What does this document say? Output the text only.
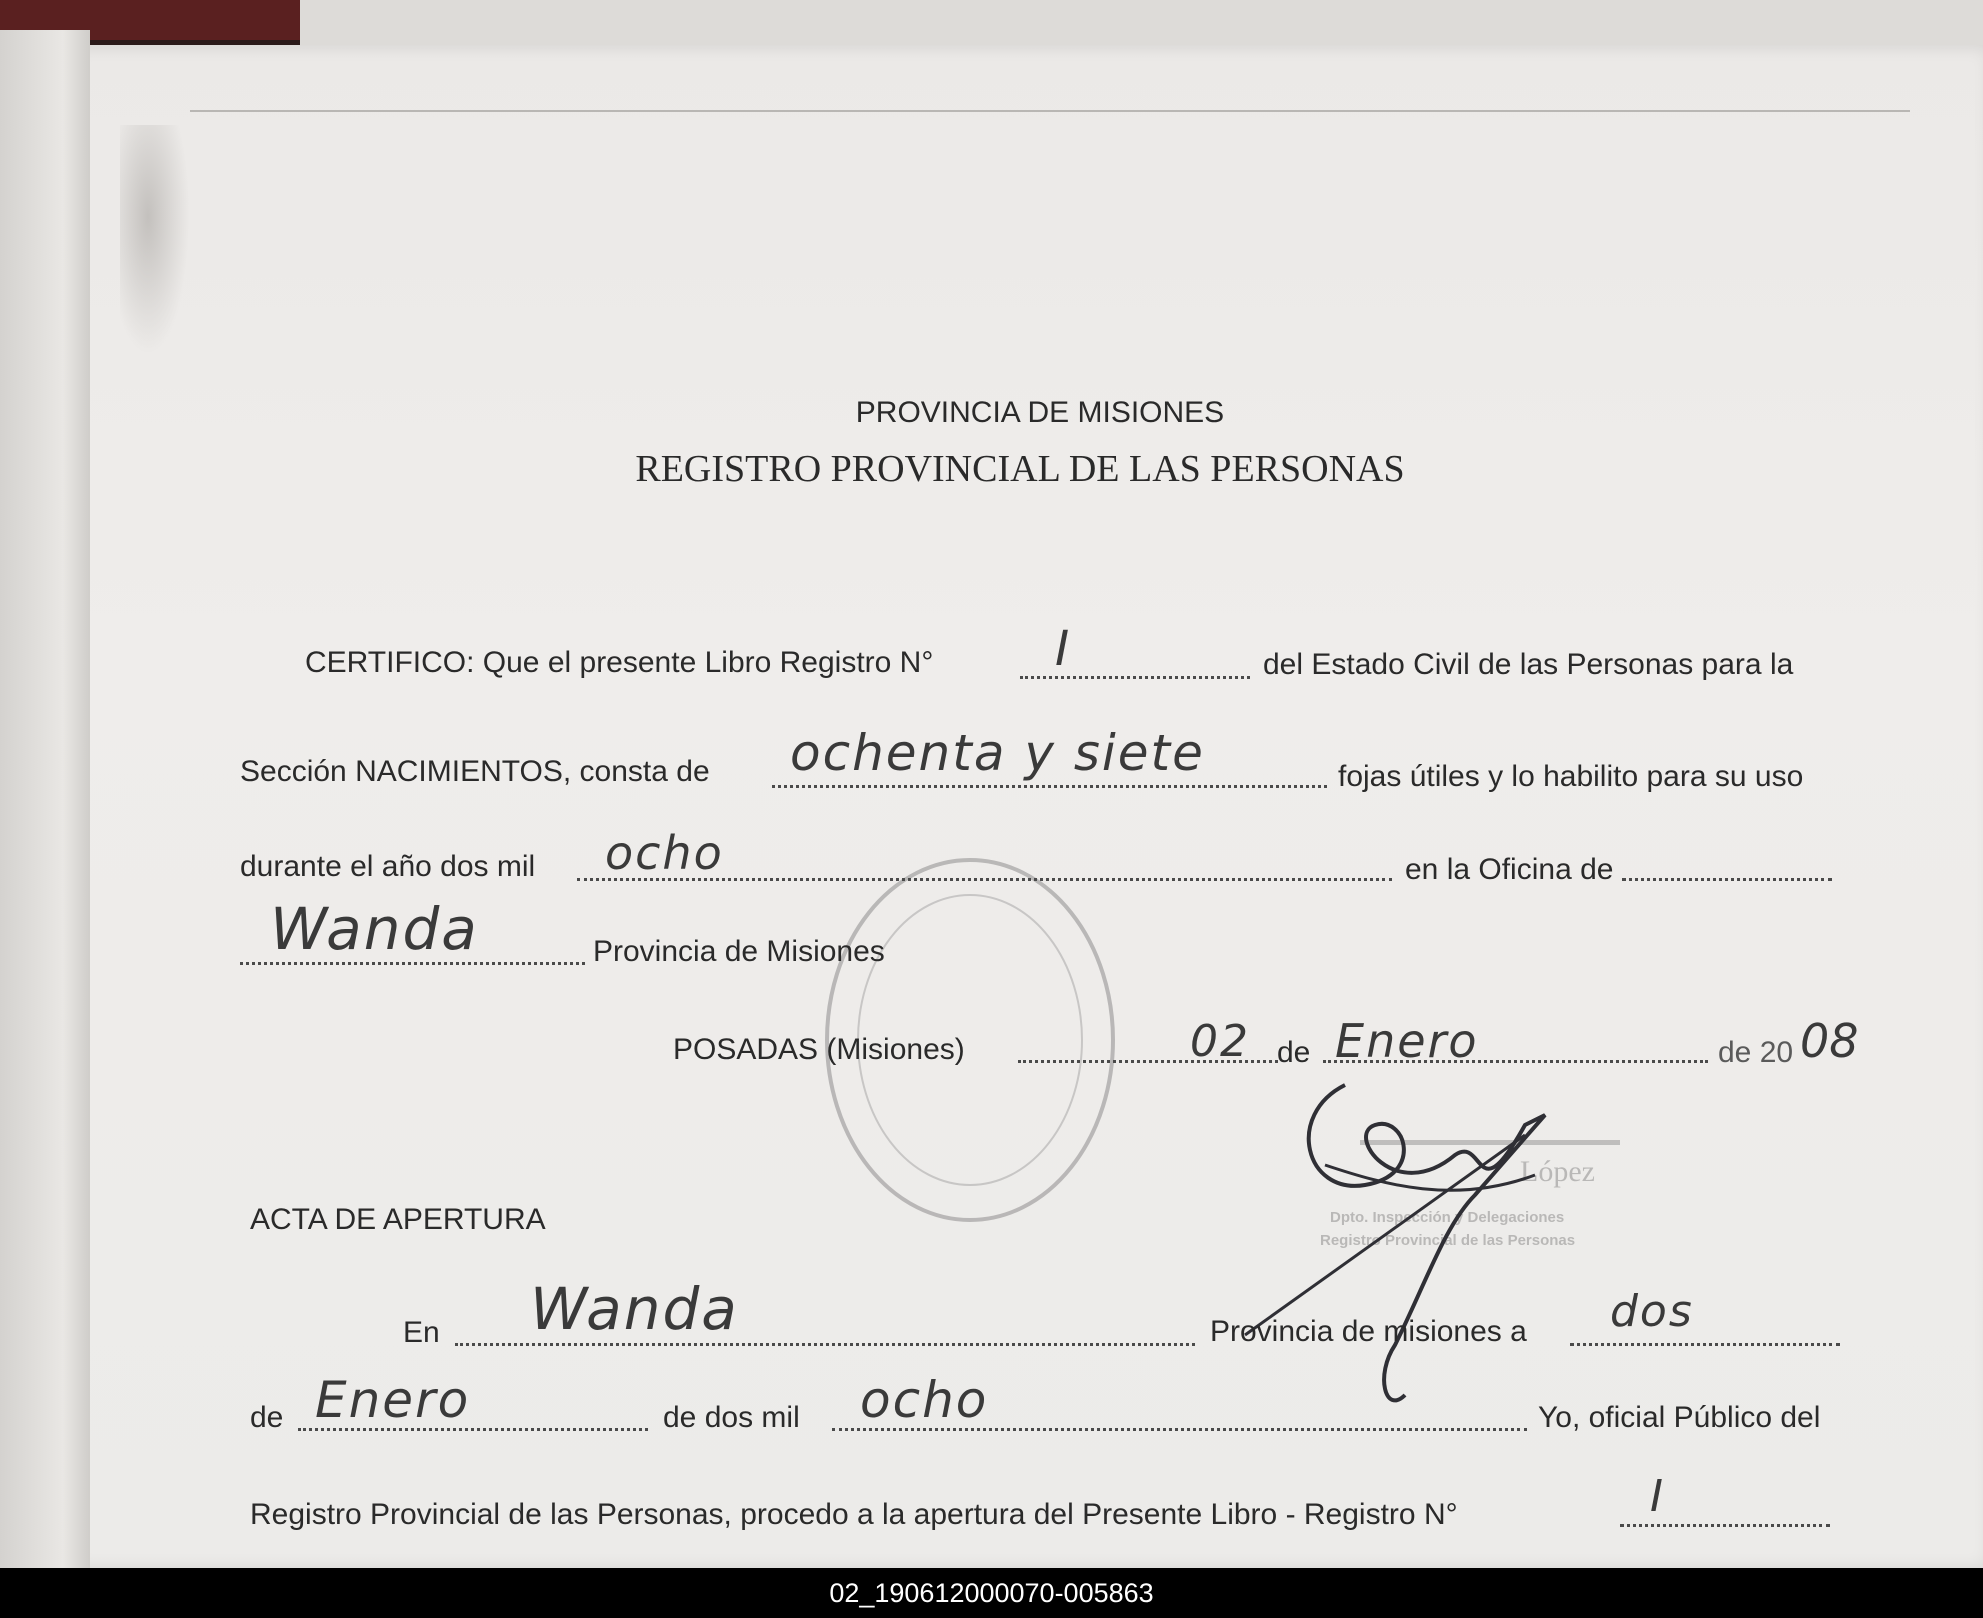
PROVINCIA DE MISIONES
REGISTRO PROVINCIAL DE LAS PERSONAS
CERTIFICO: Que el presente Libro Registro N°	I	del Estado Civil de las Personas para la
Sección NACIMIENTOS, consta de ochenta y siete	fojas útiles y lo habilito para su uso
durante el año dos mil ocho	en la Oficina de
Wanda	Provincia de Misiones
POSADAS (Misiones)	02 de Enero	de 20 08
López
Dpto. Inspección y Delegaciones
Registro Provincial de las Personas
ACTA DE APERTURA
En Wanda	Provincia de misiones a dos
de Enero	de dos mil ocho	Yo, oficial Público del
Registro Provincial de las Personas, procedo a la apertura del Presente Libro - Registro N°	I
02_190612000070-005863
